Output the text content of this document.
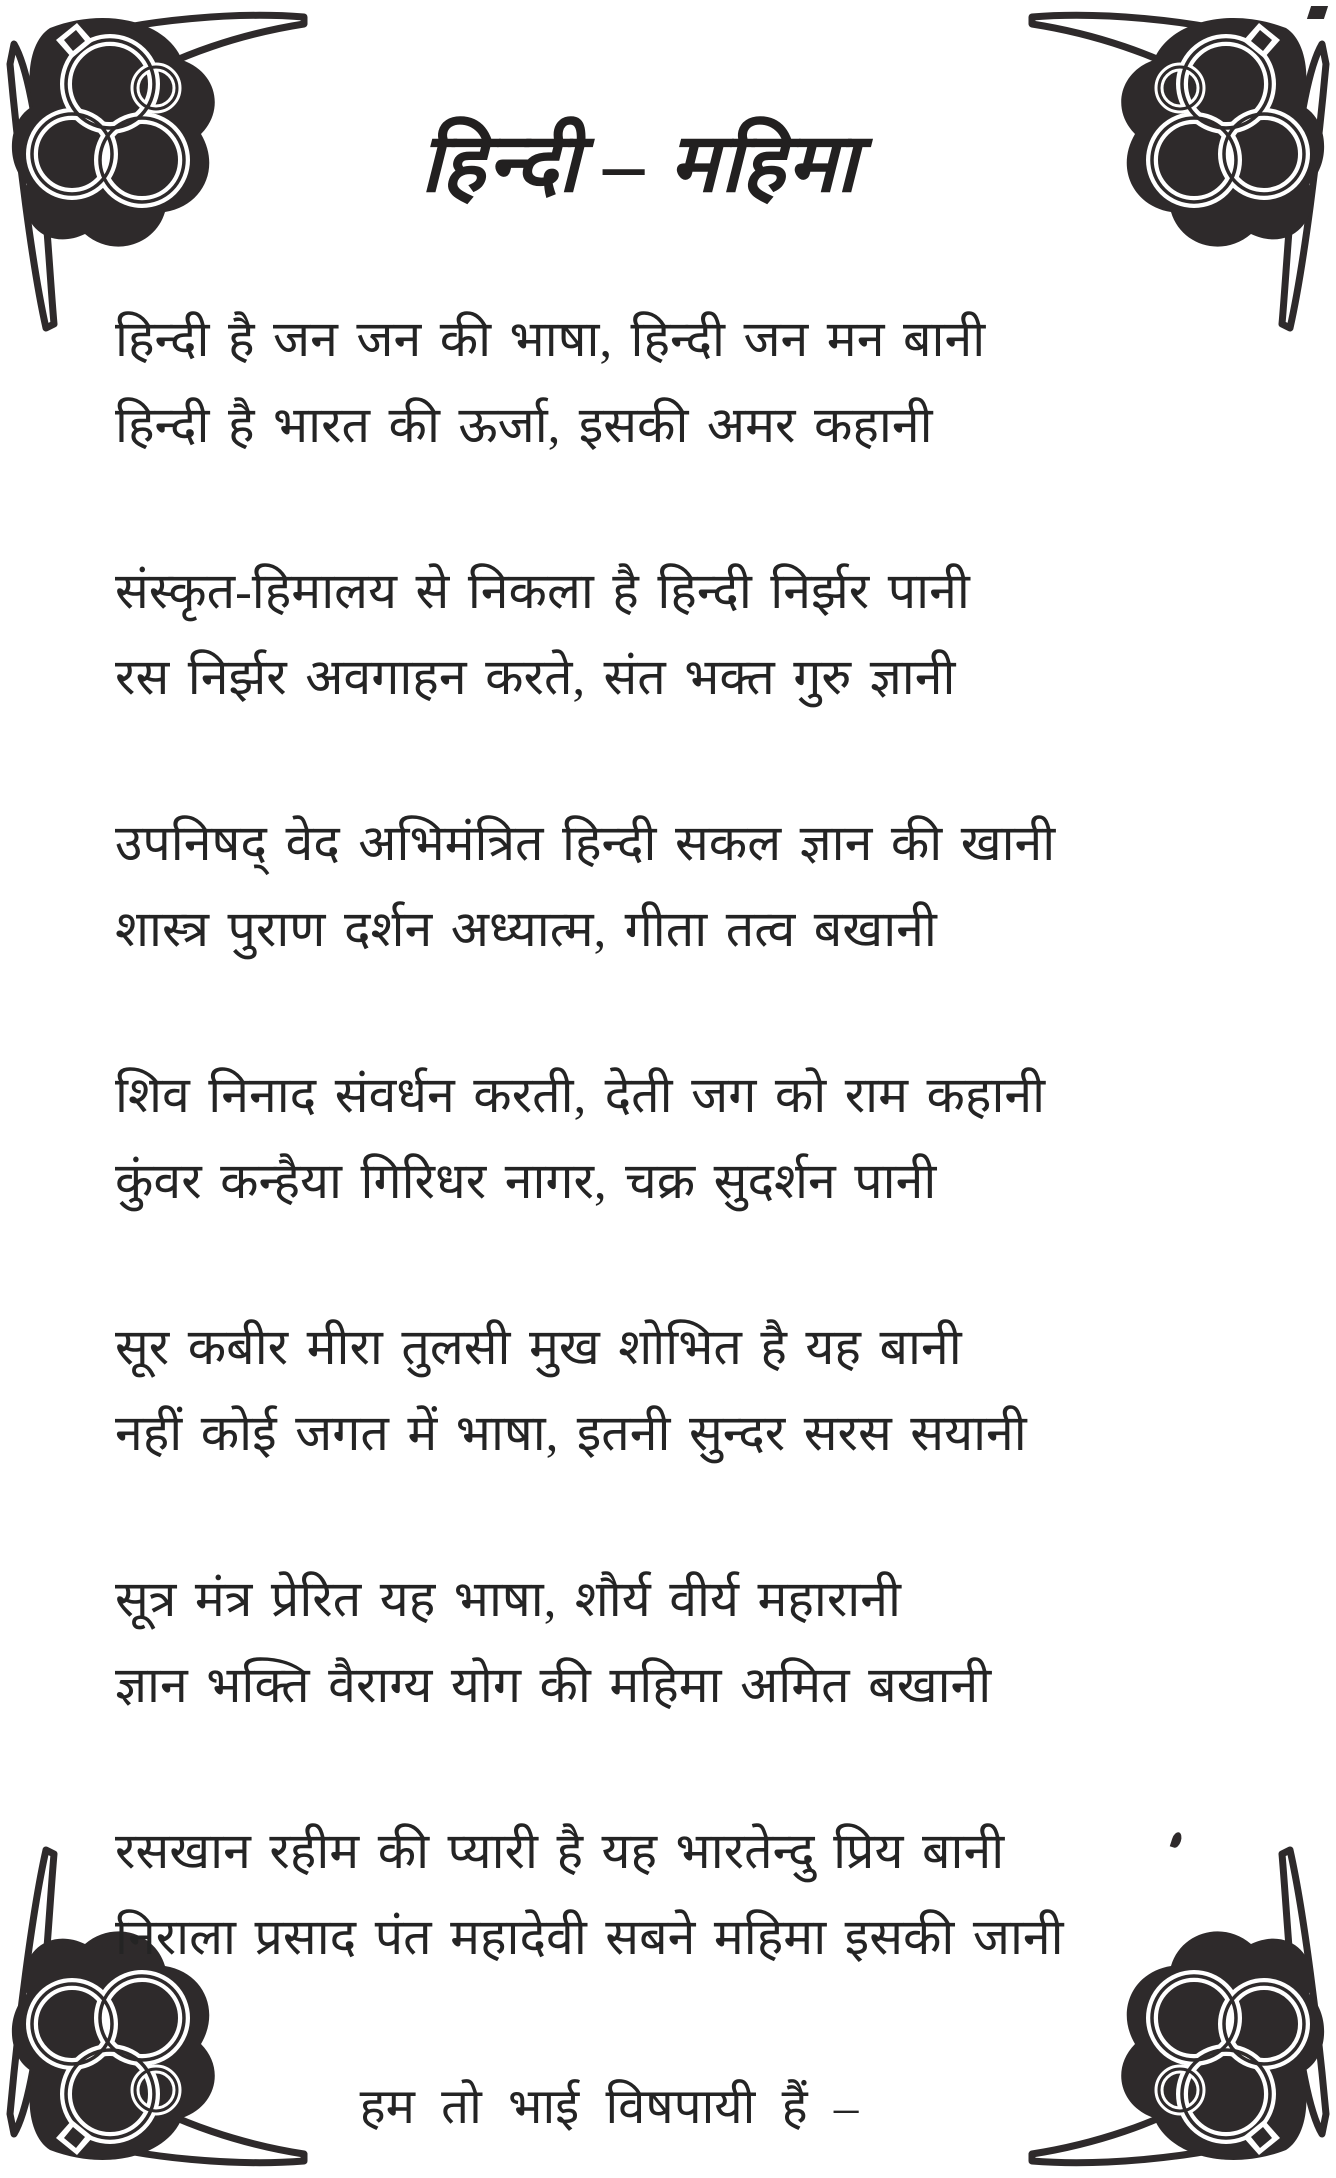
हिन्दी – महिमा
हिन्दी है जन जन की भाषा, हिन्दी जन मन बानी
हिन्दी है भारत की ऊर्जा, इसकी अमर कहानी
संस्कृत-हिमालय से निकला है हिन्दी निर्झर पानी
रस निर्झर अवगाहन करते, संत भक्त गुरु ज्ञानी
उपनिषद् वेद अभिमंत्रित हिन्दी सकल ज्ञान की खानी
शास्त्र पुराण दर्शन अध्यात्म, गीता तत्व बखानी
शिव निनाद संवर्धन करती, देती जग को राम कहानी
कुंवर कन्हैया गिरिधर नागर, चक्र सुदर्शन पानी
सूर कबीर मीरा तुलसी मुख शोभित है यह बानी
नहीं कोई जगत में भाषा, इतनी सुन्दर सरस सयानी
सूत्र मंत्र प्रेरित यह भाषा, शौर्य वीर्य महारानी
ज्ञान भक्ति वैराग्य योग की महिमा अमित बखानी
रसखान रहीम की प्यारी है यह भारतेन्दु प्रिय बानी
निराला प्रसाद पंत महादेवी सबने महिमा इसकी जानी
हम तो भाई विषपायी हैं –
